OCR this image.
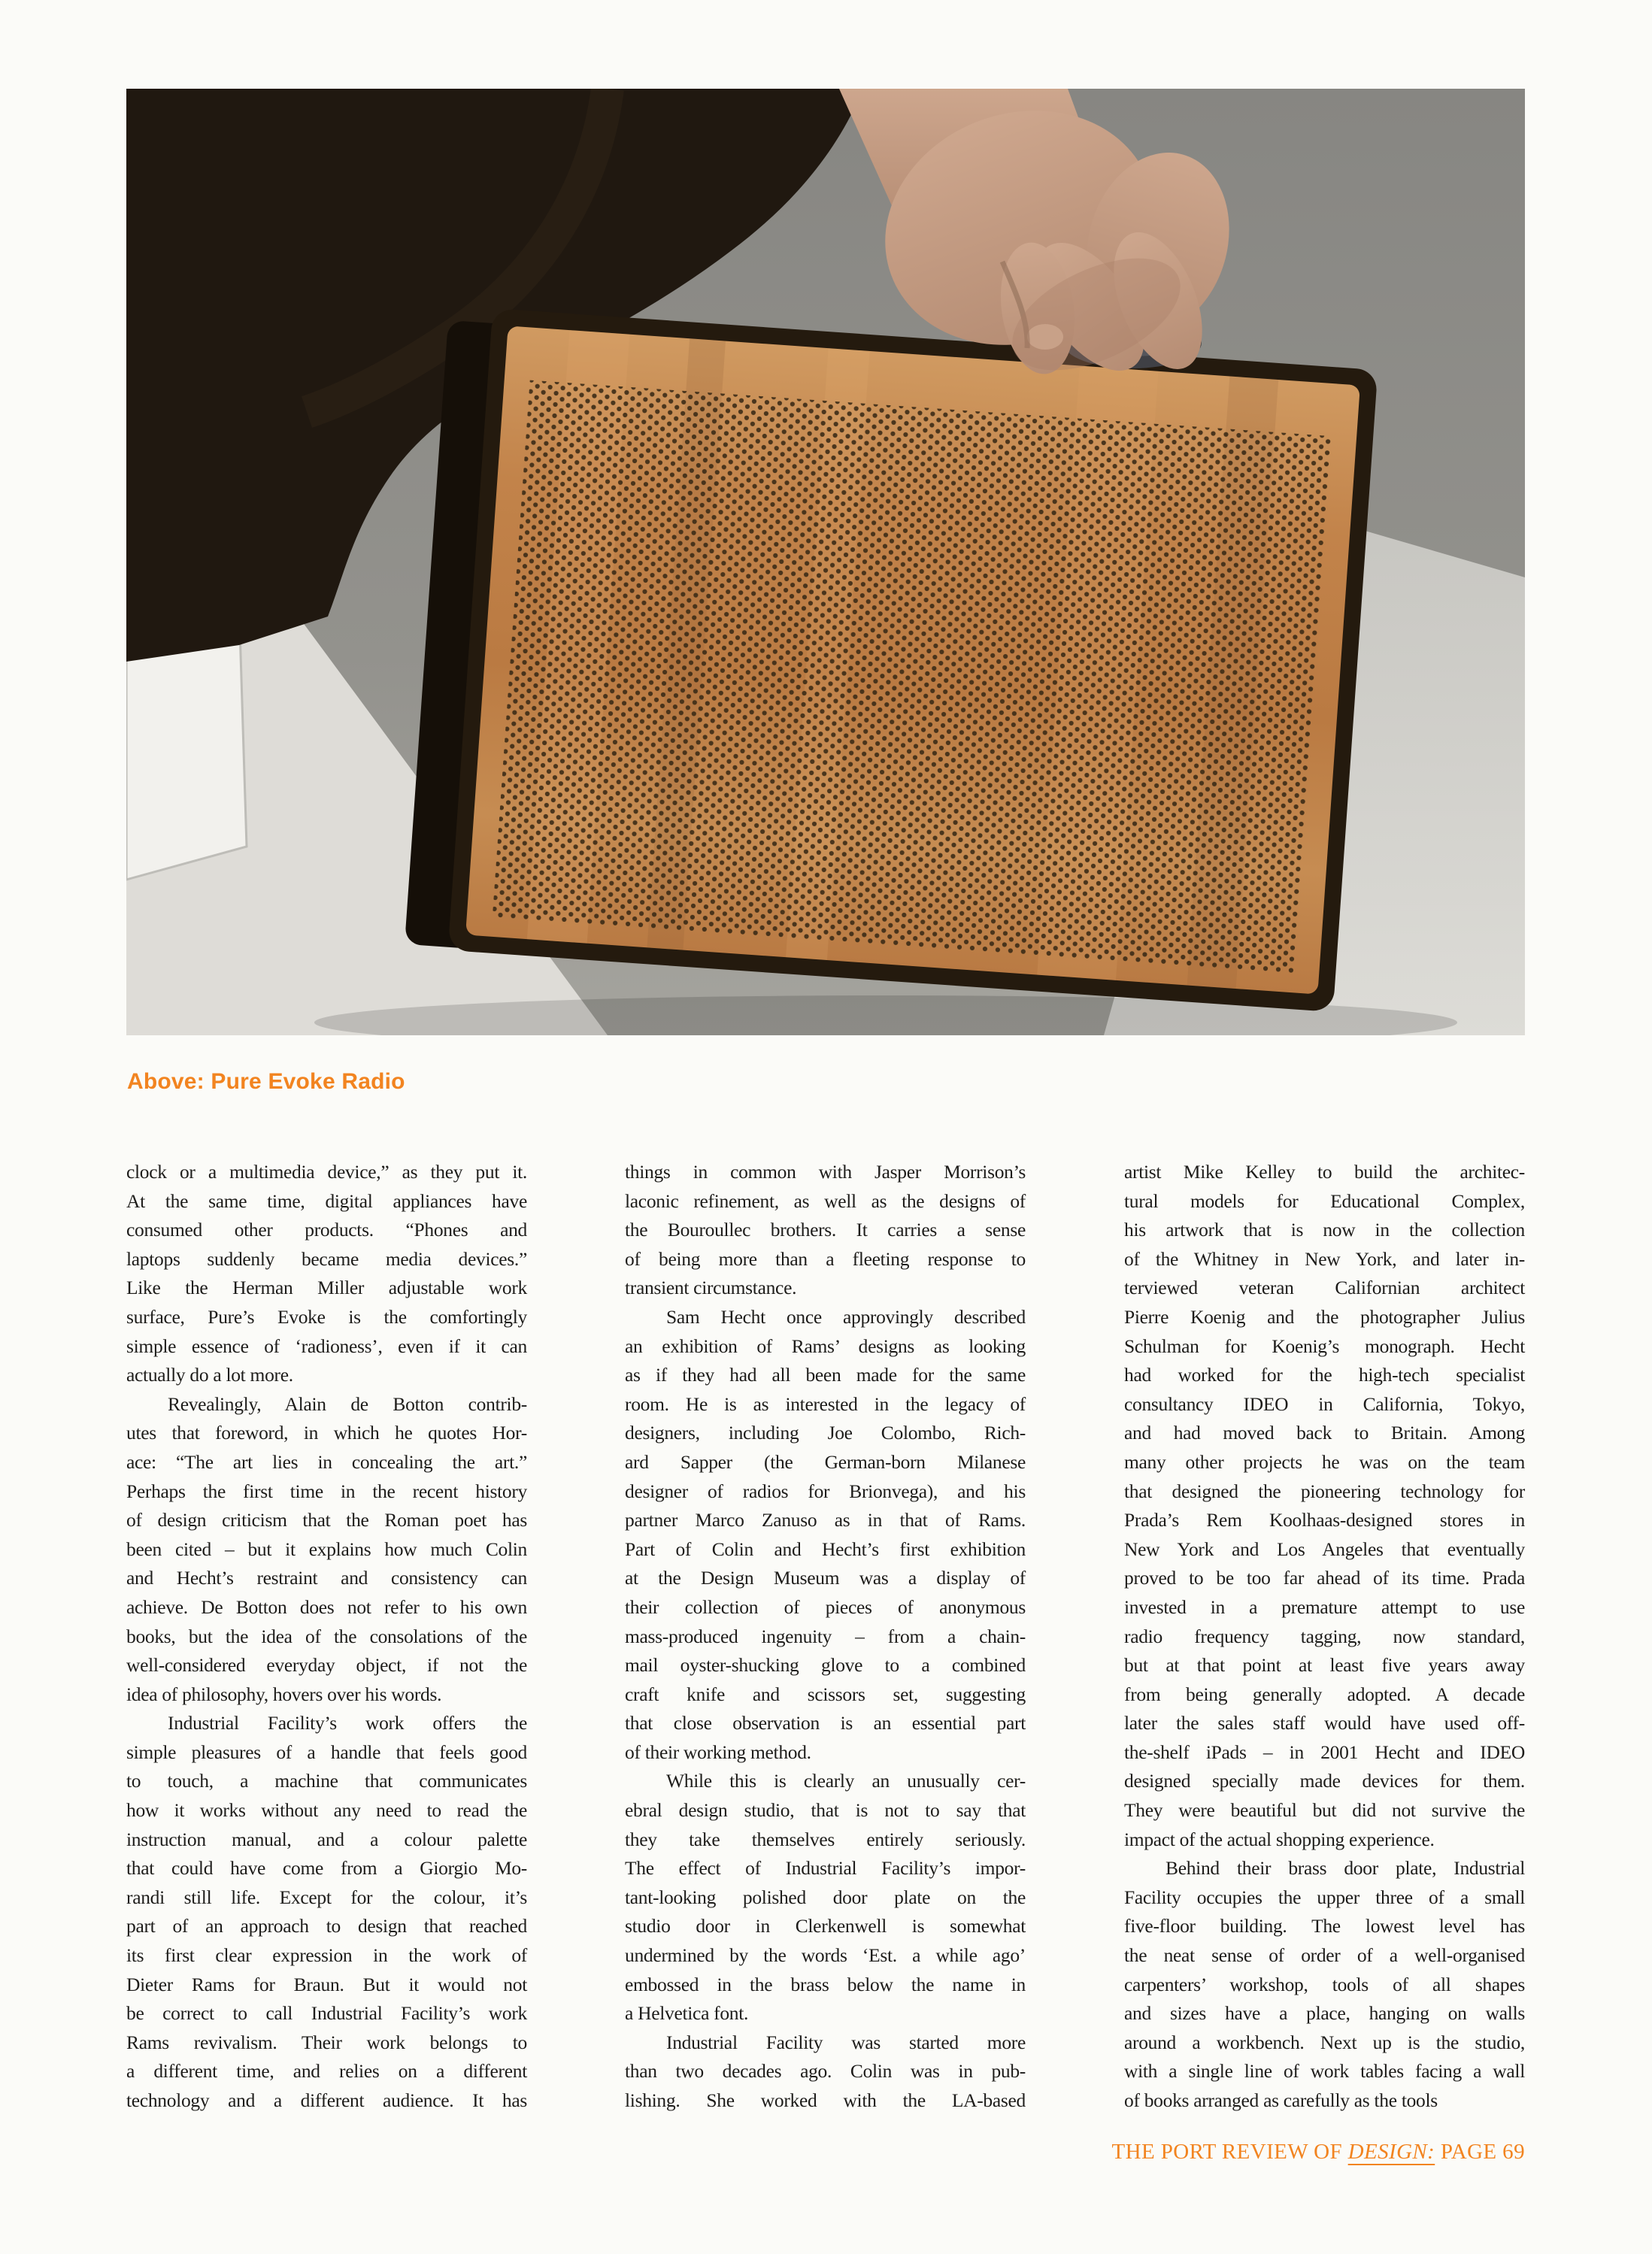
Above: Pure Evoke Radio
clock or a multimedia device,” as they put it.
At the same time, digital appliances have
consumed other products. “Phones and
laptops suddenly became media devices.”
Like the Herman Miller adjustable work
surface, Pure’s Evoke is the comfortingly
simple essence of ‘radioness’, even if it can
actually do a lot more.
Revealingly, Alain de Botton contrib-
utes that foreword, in which he quotes Hor-
ace: “The art lies in concealing the art.”
Perhaps the first time in the recent history
of design criticism that the Roman poet has
been cited – but it explains how much Colin
and Hecht’s restraint and consistency can
achieve. De Botton does not refer to his own
books, but the idea of the consolations of the
well-considered everyday object, if not the
idea of philosophy, hovers over his words.
Industrial Facility’s work offers the
simple pleasures of a handle that feels good
to touch, a machine that communicates
how it works without any need to read the
instruction manual, and a colour palette
that could have come from a Giorgio Mo-
randi still life. Except for the colour, it’s
part of an approach to design that reached
its first clear expression in the work of
Dieter Rams for Braun. But it would not
be correct to call Industrial Facility’s work
Rams revivalism. Their work belongs to
a different time, and relies on a different
technology and a different audience. It has
things in common with Jasper Morrison’s
laconic refinement, as well as the designs of
the Bouroullec brothers. It carries a sense
of being more than a fleeting response to
transient circumstance.
Sam Hecht once approvingly described
an exhibition of Rams’ designs as looking
as if they had all been made for the same
room. He is as interested in the legacy of
designers, including Joe Colombo, Rich-
ard Sapper (the German-born Milanese
designer of radios for Brionvega), and his
partner Marco Zanuso as in that of Rams.
Part of Colin and Hecht’s first exhibition
at the Design Museum was a display of
their collection of pieces of anonymous
mass-produced ingenuity – from a chain-
mail oyster-shucking glove to a combined
craft knife and scissors set, suggesting
that close observation is an essential part
of their working method.
While this is clearly an unusually cer-
ebral design studio, that is not to say that
they take themselves entirely seriously.
The effect of Industrial Facility’s impor-
tant-looking polished door plate on the
studio door in Clerkenwell is somewhat
undermined by the words ‘Est. a while ago’
embossed in the brass below the name in
a Helvetica font.
Industrial Facility was started more
than two decades ago. Colin was in pub-
lishing. She worked with the LA-based
artist Mike Kelley to build the architec-
tural models for Educational Complex,
his artwork that is now in the collection
of the Whitney in New York, and later in-
terviewed veteran Californian architect
Pierre Koenig and the photographer Julius
Schulman for Koenig’s monograph. Hecht
had worked for the high-tech specialist
consultancy IDEO in California, Tokyo,
and had moved back to Britain. Among
many other projects he was on the team
that designed the pioneering technology for
Prada’s Rem Koolhaas-designed stores in
New York and Los Angeles that eventually
proved to be too far ahead of its time. Prada
invested in a premature attempt to use
radio frequency tagging, now standard,
but at that point at least five years away
from being generally adopted. A decade
later the sales staff would have used off-
the-shelf iPads – in 2001 Hecht and IDEO
designed specially made devices for them.
They were beautiful but did not survive the
impact of the actual shopping experience.
Behind their brass door plate, Industrial
Facility occupies the upper three of a small
five-floor building. The lowest level has
the neat sense of order of a well-organised
carpenters’ workshop, tools of all shapes
and sizes have a place, hanging on walls
around a workbench. Next up is the studio,
with a single line of work tables facing a wall
of books arranged as carefully as the tools
THE PORT REVIEW OF DESIGN: PAGE 69
